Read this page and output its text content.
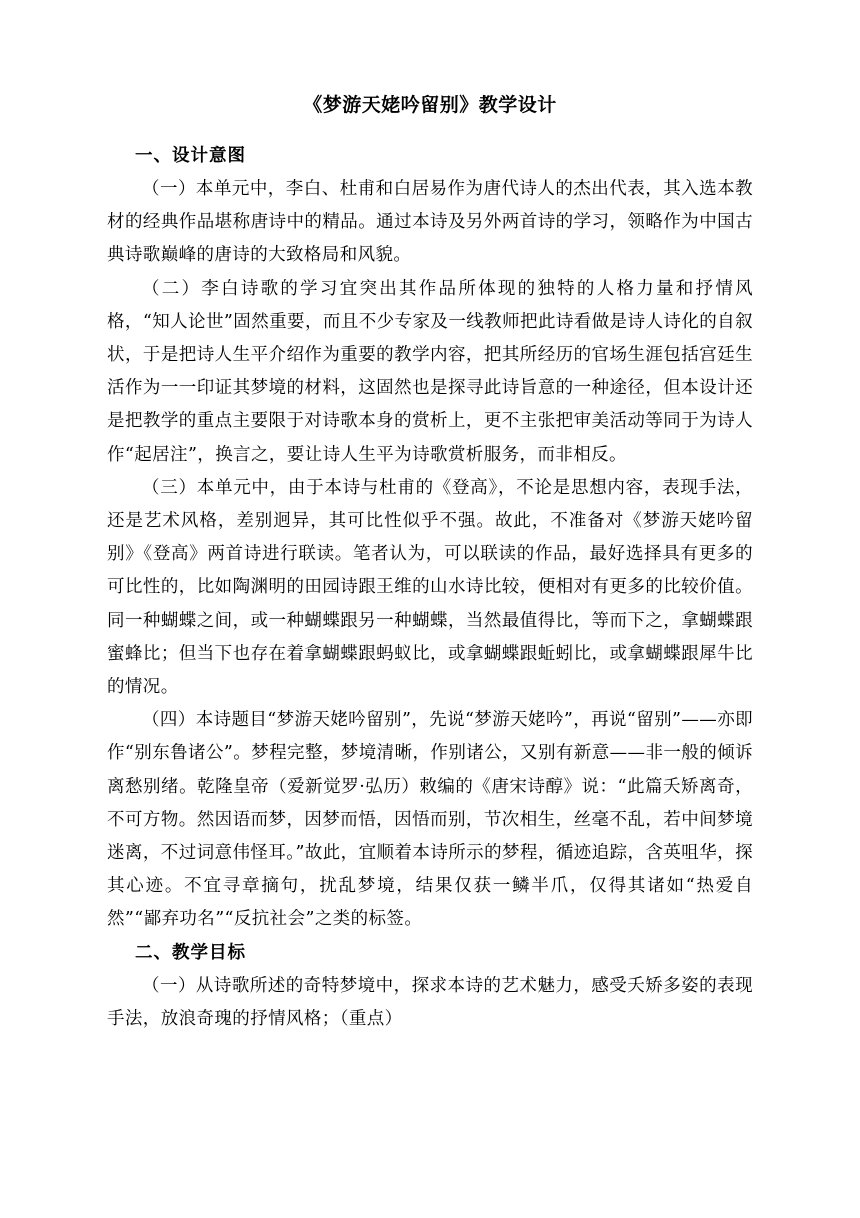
《梦游天姥吟留别》教学设计
一、设计意图

（一）本单元中，李白、杜甫和白居易作为唐代诗人的杰出代表，其入选本教材的经典作品堪称唐诗中的精品。通过本诗及另外两首诗的学习，领略作为中国古典诗歌巅峰的唐诗的大致格局和风貌。

（二）李白诗歌的学习宜突出其作品所体现的独特的人格力量和抒情风格，“知人论世”固然重要，而且不少专家及一线教师把此诗看做是诗人诗化的自叙状，于是把诗人生平介绍作为重要的教学内容，把其所经历的官场生涯包括宫廷生活作为一一印证其梦境的材料，这固然也是探寻此诗旨意的一种途径，但本设计还是把教学的重点主要限于对诗歌本身的赏析上，更不主张把审美活动等同于为诗人作“起居注”，换言之，要让诗人生平为诗歌赏析服务，而非相反。

（三）本单元中，由于本诗与杜甫的《登高》，不论是思想内容，表现手法，还是艺术风格，差别迥异，其可比性似乎不强。故此，不准备对《梦游天姥吟留别》《登高》两首诗进行联读。笔者认为，可以联读的作品，最好选择具有更多的可比性的，比如陶渊明的田园诗跟王维的山水诗比较，便相对有更多的比较价值。同一种蝴蝶之间，或一种蝴蝶跟另一种蝴蝶，当然最值得比，等而下之，拿蝴蝶跟蜜蜂比；但当下也存在着拿蝴蝶跟蚂蚁比，或拿蝴蝶跟蚯蚓比，或拿蝴蝶跟犀牛比的情况。

（四）本诗题目“梦游天姥吟留别”，先说“梦游天姥吟”，再说“留别”——亦即作“别东鲁诸公”。梦程完整，梦境清晰，作别诸公，又别有新意——非一般的倾诉离愁别绪。乾隆皇帝（爱新觉罗·弘历）敕编的《唐宋诗醇》说：“此篇夭矫离奇，不可方物。然因语而梦，因梦而悟，因悟而别，节次相生，丝毫不乱，若中间梦境迷离，不过词意伟怪耳。”故此，宜顺着本诗所示的梦程，循迹追踪，含英咀华，探其心迹。不宜寻章摘句，扰乱梦境，结果仅获一鳞半爪，仅得其诸如“热爱自然”“鄙弃功名”“反抗社会”之类的标签。

二、教学目标

（一）从诗歌所述的奇特梦境中，探求本诗的艺术魅力，感受夭矫多姿的表现手法，放浪奇瑰的抒情风格；（重点）
